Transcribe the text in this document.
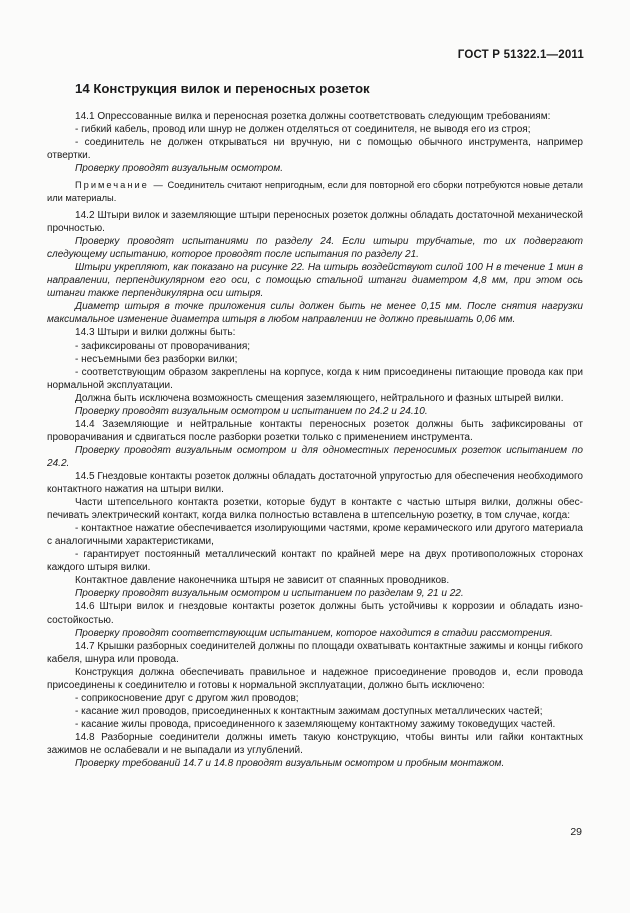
ГОСТ Р 51322.1—2011
14 Конструкция вилок и переносных розеток

14.1 Опрессованные вилка и переносная розетка должны соответствовать следующим требованиям:

- гибкий кабель, провод или шнур не должен отделяться от соединителя, не выводя его из строя;

- соединитель не должен открываться ни вручную, ни с помощью обычного инструмента, например отвертки.

Проверку проводят визуальным осмотром.

Примечание — Соединитель считают непригодным, если для повторной его сборки потребуются новые детали или материалы.

14.2 Штыри вилок и заземляющие штыри переносных розеток должны обладать достаточной механической прочностью.

Проверку проводят испытаниями по разделу 24. Если штыри трубчатые, то их подвергают следующему испытанию, которое проводят после испытания по разделу 21.

Штыри укрепляют, как показано на рисунке 22. На штырь воздействуют силой 100 Н в течение 1 мин в направлении, перпендикулярном его оси, с помощью стальной штанги диаметром 4,8 мм, при этом ось штанги также перпендикулярна оси штыря.

Диаметр штыря в точке приложения силы должен быть не менее 0,15 мм. После снятия нагрузки максимальное изменение диаметра штыря в любом направлении не должно превышать 0,06 мм.

14.3 Штыри и вилки должны быть:

- зафиксированы от проворачивания;

- несъемными без разборки вилки;

- соответствующим образом закреплены на корпусе, когда к ним присоединены питающие провода как при нормальной эксплуатации.

Должна быть исключена возможность смещения заземляющего, нейтрального и фазных штырей вилки.

Проверку проводят визуальным осмотром и испытанием по 24.2 и 24.10.

14.4 Заземляющие и нейтральные контакты переносных розеток должны быть зафиксированы от проворачивания и сдвигаться после разборки розетки только с применением инструмента.

Проверку проводят визуальным осмотром и для одноместных переносимых розеток испытанием по 24.2.

14.5 Гнездовые контакты розеток должны обладать достаточной упругостью для обеспечения необходимого контактного нажатия на штыри вилки.

Части штепсельного контакта розетки, которые будут в контакте с частью штыря вилки, должны обеспечивать электрический контакт, когда вилка полностью вставлена в штепсельную розетку, в том случае, когда:

- контактное нажатие обеспечивается изолирующими частями, кроме керамического или другого материала с аналогичными характеристиками,

- гарантирует постоянный металлический контакт по крайней мере на двух противоположных сторонах каждого штыря вилки.

Контактное давление наконечника штыря не зависит от спаянных проводников.

Проверку проводят визуальным осмотром и испытанием по разделам 9, 21 и 22.

14.6 Штыри вилок и гнездовые контакты розеток должны быть устойчивы к коррозии и обладать износостойкостью.

Проверку проводят соответствующим испытанием, которое находится в стадии рассмотрения.

14.7 Крышки разборных соединителей должны по площади охватывать контактные зажимы и концы гибкого кабеля, шнура или провода.

Конструкция должна обеспечивать правильное и надежное присоединение проводов и, если провода присоединены к соединителю и готовы к нормальной эксплуатации, должно быть исключено:

- соприкосновение друг с другом жил проводов;

- касание жил проводов, присоединенных к контактным зажимам доступных металлических частей;

- касание жилы провода, присоединенного к заземляющему контактному зажиму токоведущих частей.

14.8 Разборные соединители должны иметь такую конструкцию, чтобы винты или гайки контактных зажимов не ослабевали и не выпадали из углублений.

Проверку требований 14.7 и 14.8 проводят визуальным осмотром и пробным монтажом.

29
